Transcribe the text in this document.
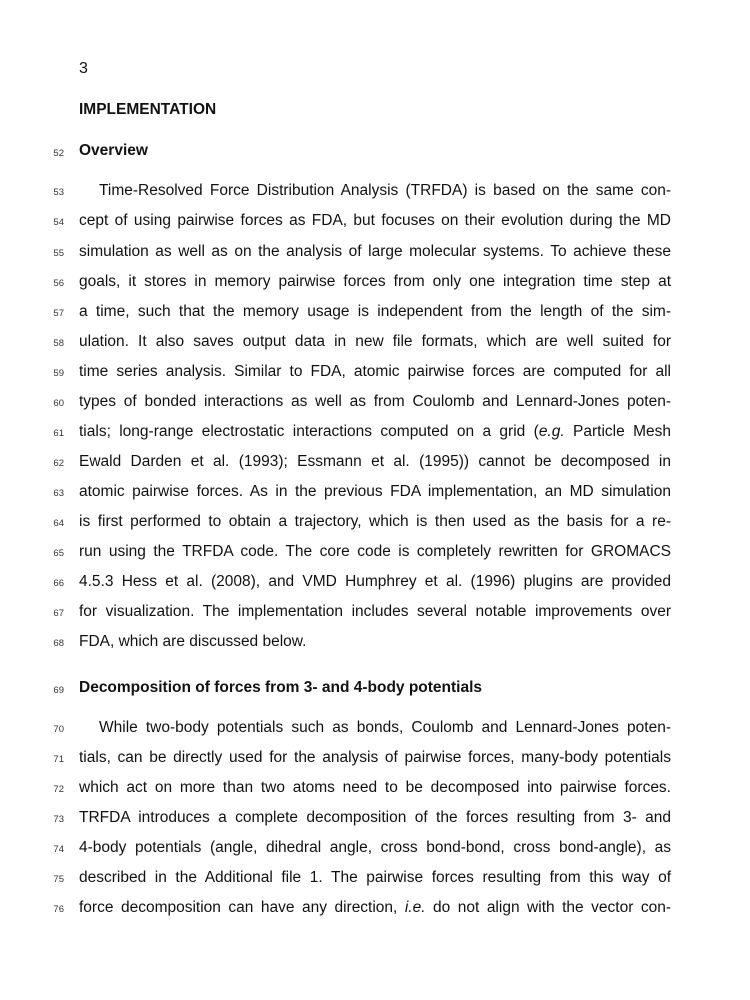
3
IMPLEMENTATION
52 Overview
53	Time-Resolved Force Distribution Analysis (TRFDA) is based on the same con-
54 cept of using pairwise forces as FDA, but focuses on their evolution during the MD
55 simulation as well as on the analysis of large molecular systems. To achieve these
56 goals, it stores in memory pairwise forces from only one integration time step at
57 a time, such that the memory usage is independent from the length of the sim-
58 ulation. It also saves output data in new file formats, which are well suited for
59 time series analysis. Similar to FDA, atomic pairwise forces are computed for all
60 types of bonded interactions as well as from Coulomb and Lennard-Jones poten-
61 tials; long-range electrostatic interactions computed on a grid (e.g. Particle Mesh
62 Ewald Darden et al. (1993); Essmann et al. (1995)) cannot be decomposed in
63 atomic pairwise forces. As in the previous FDA implementation, an MD simulation
64 is first performed to obtain a trajectory, which is then used as the basis for a re-
65 run using the TRFDA code. The core code is completely rewritten for GROMACS
66 4.5.3 Hess et al. (2008), and VMD Humphrey et al. (1996) plugins are provided
67 for visualization. The implementation includes several notable improvements over
68 FDA, which are discussed below.
69 Decomposition of forces from 3- and 4-body potentials
70	While two-body potentials such as bonds, Coulomb and Lennard-Jones poten-
71 tials, can be directly used for the analysis of pairwise forces, many-body potentials
72 which act on more than two atoms need to be decomposed into pairwise forces.
73 TRFDA introduces a complete decomposition of the forces resulting from 3- and
74 4-body potentials (angle, dihedral angle, cross bond-bond, cross bond-angle), as
75 described in the Additional file 1. The pairwise forces resulting from this way of
76 force decomposition can have any direction, i.e. do not align with the vector con-
